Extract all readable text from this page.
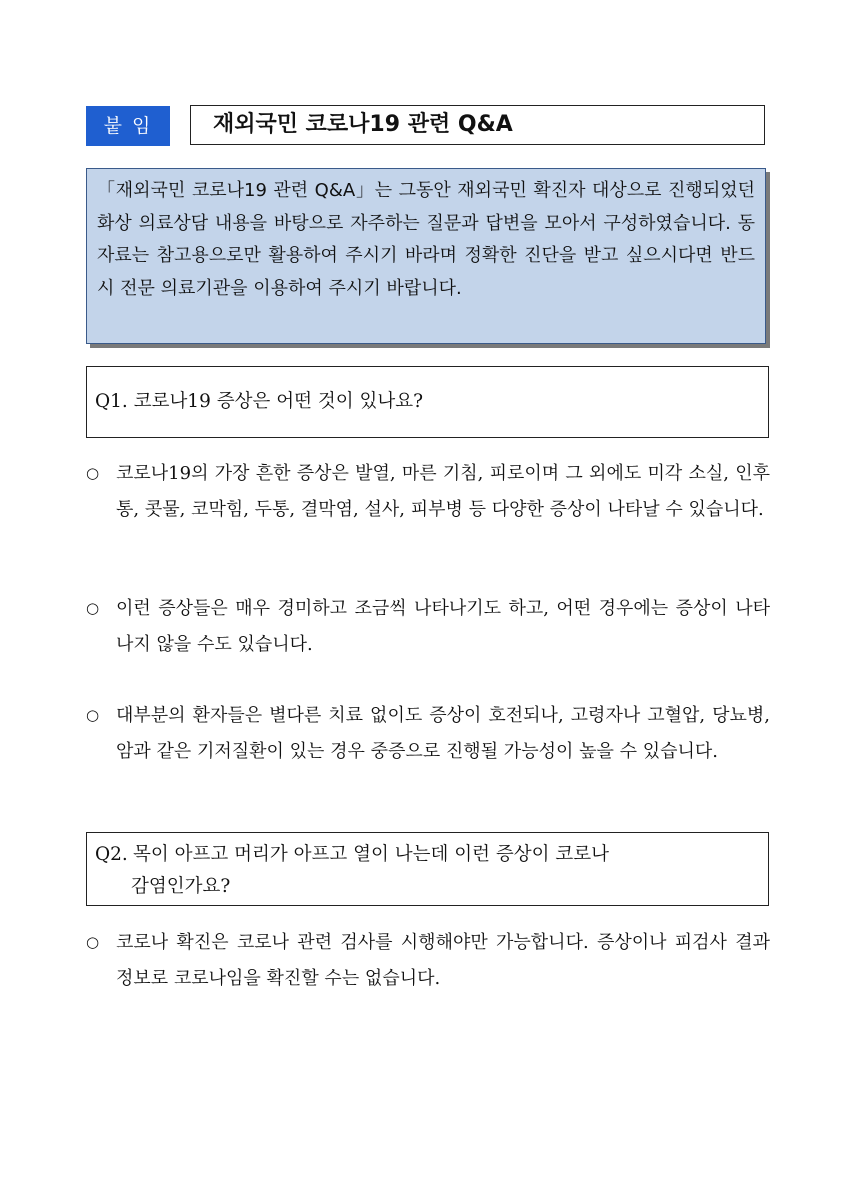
붙 임	재외국민 코로나19 관련 Q&A
「재외국민 코로나19 관련 Q&A」는 그동안 재외국민 확진자 대상으로 진행되었던 화상 의료상담 내용을 바탕으로 자주하는 질문과 답변을 모아서 구성하였습니다. 동 자료는 참고용으로만 활용하여 주시기 바라며 정확한 진단을 받고 싶으시다면 반드시 전문 의료기관을 이용하여 주시기 바랍니다.
Q1. 코로나19 증상은 어떤 것이 있나요?
○ 코로나19의 가장 흔한 증상은 발열, 마른 기침, 피로이며 그 외에도 미각 소실, 인후통, 콧물, 코막힘, 두통, 결막염, 설사, 피부병 등 다양한 증상이 나타날 수 있습니다.
○ 이런 증상들은 매우 경미하고 조금씩 나타나기도 하고, 어떤 경우에는 증상이 나타나지 않을 수도 있습니다.
○ 대부분의 환자들은 별다른 치료 없이도 증상이 호전되나, 고령자나 고혈압, 당뇨병, 암과 같은 기저질환이 있는 경우 중증으로 진행될 가능성이 높을 수 있습니다.
Q2. 목이 아프고 머리가 아프고 열이 나는데 이런 증상이 코로나
감염인가요?
○ 코로나 확진은 코로나 관련 검사를 시행해야만 가능합니다. 증상이나 피검사 결과 정보로 코로나임을 확진할 수는 없습니다.
